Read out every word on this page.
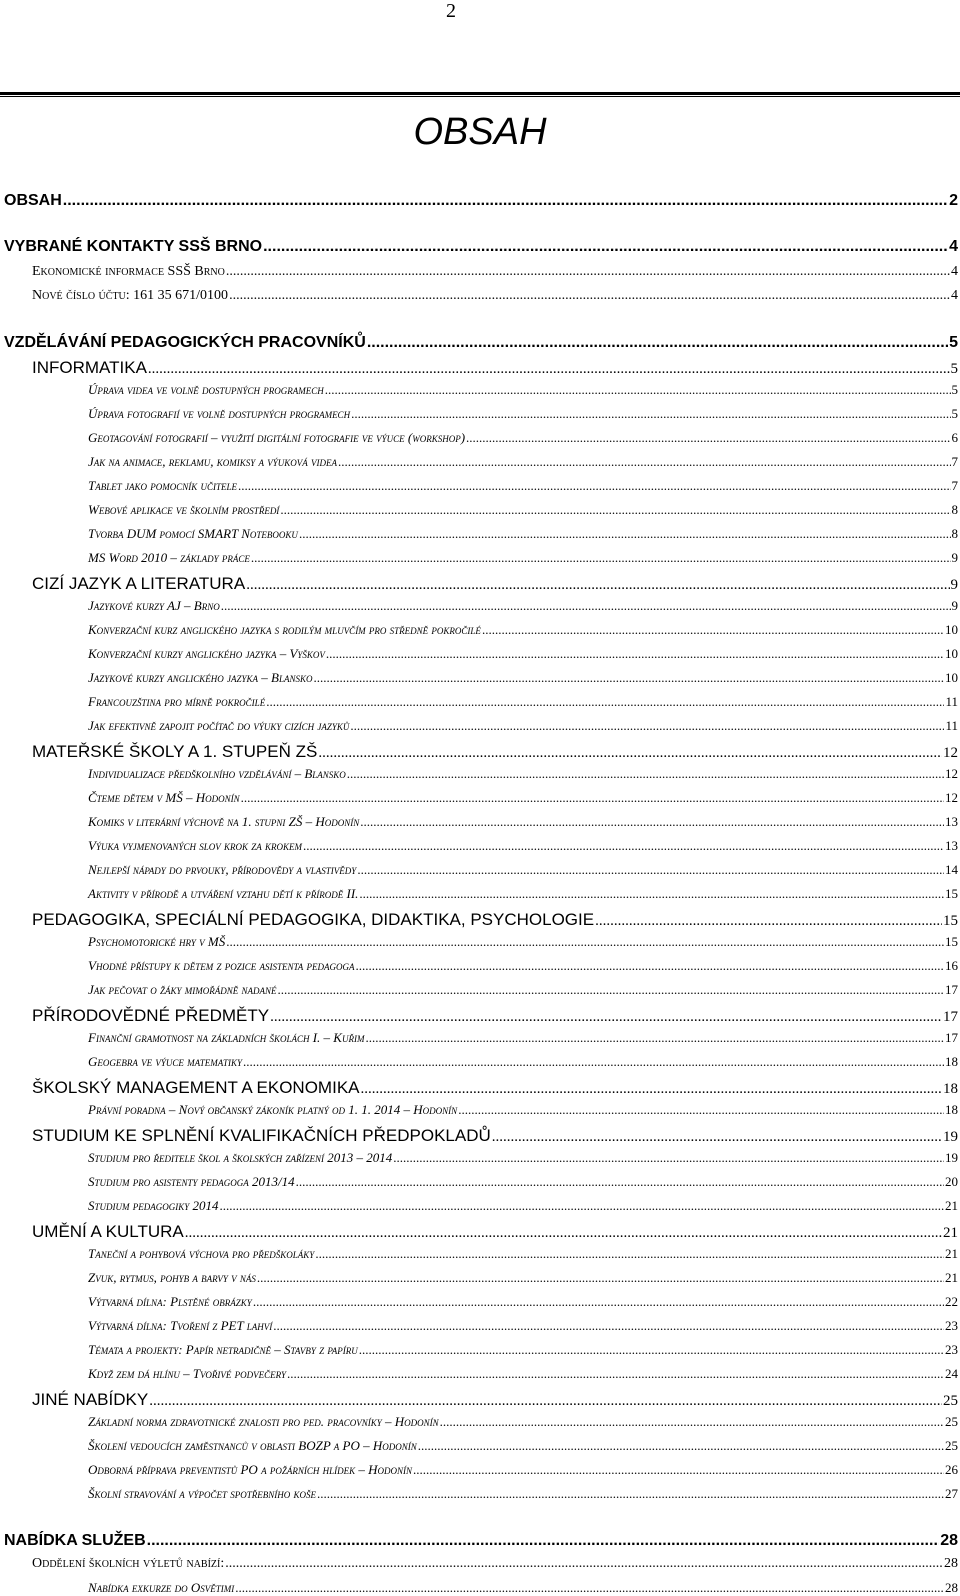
2
OBSAH
OBSAH .....	2
VYBRANÉ KONTAKTY SSŠ BRNO .....	4
Ekonomické informace SSŠ Brno .....	4
Nové číslo účtu: 161 35 671/0100 .....	4
VZDĚLÁVÁNÍ PEDAGOGICKÝCH PRACOVNÍKŮ .....	5
INFORMATIKA .....	5
Úprava videa ve volně dostupných programech .....	5
Úprava fotografií ve volně dostupných programech .....	5
Geotagování fotografií – využití digitální fotografie ve výuce (workshop) .....	6
Jak na animace, reklamu, komiksy a výuková videa .....	7
Tablet jako pomocník učitele .....	7
Webové aplikace ve školním prostředí .....	8
Tvorba DUM pomocí SMART Notebooku .....	8
MS Word 2010 – základy práce .....	9
CIZÍ JAZYK A LITERATURA .....	9
Jazykové kurzy AJ – Brno .....	9
Konverzační kurz anglického jazyka s rodilým mluvčím pro středně pokročilé .....	10
Konverzační kurzy anglického jazyka – Vyškov .....	10
Jazykové kurzy anglického jazyka – Blansko .....	10
Francouzština pro mírně pokročilé .....	11
Jak efektivně zapojit počítač do výuky cizích jazyků .....	11
MATEŘSKÉ ŠKOLY A 1. STUPEŇ ZŠ .....	12
Individualizace předškolního vzdělávání – Blansko .....	12
Čteme dětem v MŠ – Hodonín .....	12
Komiks v literární výchově na 1. stupni ZŠ – Hodonín .....	13
Výuka vyjmenovaných slov krok za krokem .....	13
Nejlepší nápady do prvouky, přírodovědy a vlastivědy .....	14
Aktivity v přírodě a utváření vztahu dětí k přírodě II. .....	15
PEDAGOGIKA, SPECIÁLNÍ PEDAGOGIKA, DIDAKTIKA, PSYCHOLOGIE .....	15
Psychomotorické hry v MŠ .....	15
Vhodné přístupy k dětem z pozice asistenta pedagoga .....	16
Jak pečovat o žáky mimořádně nadané .....	17
PŘÍRODOVĚDNÉ PŘEDMĚTY .....	17
Finanční gramotnost na základních školách I. – Kuřim .....	17
Geogebra ve výuce matematiky .....	18
ŠKOLSKÝ MANAGEMENT A EKONOMIKA .....	18
Právní poradna – Nový občanský zákoník platný od 1. 1. 2014 – Hodonín .....	18
STUDIUM KE SPLNĚNÍ KVALIFIKAČNÍCH PŘEDPOKLADŮ .....	19
Studium pro ředitele škol a školských zařízení 2013 – 2014 .....	19
Studium pro asistenty pedagoga 2013/14 .....	20
Studium pedagogiky 2014 .....	21
UMĚNÍ A KULTURA .....	21
Taneční a pohybová výchova pro předškoláky .....	21
Zvuk, rytmus, pohyb a barvy v nás .....	21
Výtvarná dílna: Plstěné obrázky .....	22
Výtvarná dílna: Tvoření z PET lahví .....	23
Témata a projekty: Papír netradičně – Stavby z papíru .....	23
Když zem dá hlínu – Tvořivé podvečery .....	24
JINÉ NABÍDKY .....	25
Základní norma zdravotnické znalosti pro ped. pracovníky – Hodonín .....	25
Školení vedoucích zaměstnanců v oblasti BOZP a PO – Hodonín .....	25
Odborná příprava preventistů PO a požárních hlídek – Hodonín .....	26
Školní stravování a výpočet spotřebního koše .....	27
NABÍDKA SLUŽEB .....	28
Oddělení školních výletů nabízí: .....	28
Nabídka exkurze do Osvětimi .....	28
